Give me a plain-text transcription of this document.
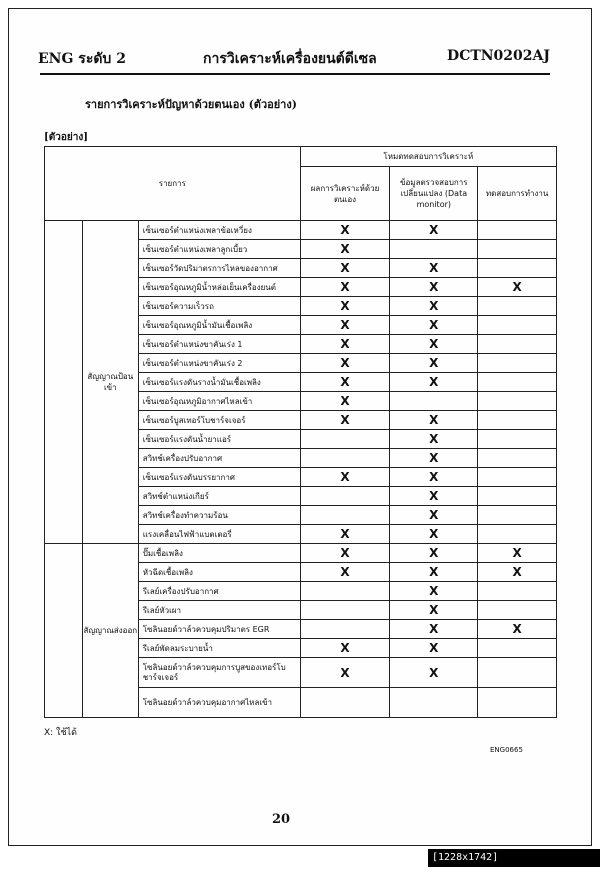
ENG ระดับ 2	การวิเคราะห์เครื่องยนต์ดีเซล	DCTN0202AJ
รายการวิเคราะห์ปัญหาด้วยตนเอง (ตัวอย่าง)
[ตัวอย่าง]
รายการ			โหมดทดสอบการวิเคราะห์		
			ผลการวิเคราะห์ด้วยตนเอง	ข้อมูลตรวจสอบการเปลี่ยนแปลง (Data monitor)	ทดสอบการทำงาน
	สัญญาณป้อนเข้า	เซ็นเซอร์ตำแหน่งเพลาข้อเหวี่ยง	X	X	
		เซ็นเซอร์ตำแหน่งเพลาลูกเบี้ยว	X		
		เซ็นเซอร์วัดปริมาตรการไหลของอากาศ	X	X	
		เซ็นเซอร์อุณหภูมิน้ำหล่อเย็นเครื่องยนต์	X	X	X
		เซ็นเซอร์ความเร็วรถ	X	X	
		เซ็นเซอร์อุณหภูมิน้ำมันเชื้อเพลิง	X	X	
		เซ็นเซอร์ตำแหน่งขาคันเร่ง 1	X	X	
		เซ็นเซอร์ตำแหน่งขาคันเร่ง 2	X	X	
		เซ็นเซอร์แรงดันรางน้ำมันเชื้อเพลิง	X	X	
		เซ็นเซอร์อุณหภูมิอากาศไหลเข้า	X		
		เซ็นเซอร์บูสเทอร์โบชาร์จเจอร์	X	X	
		เซ็นเซอร์แรงดันน้ำยาแอร์		X	
		สวิทช์เครื่องปรับอากาศ		X	
		เซ็นเซอร์แรงดันบรรยากาศ	X	X	
		สวิทช์ตำแหน่งเกียร์		X	
		สวิทช์เครื่องทำความร้อน		X	
		แรงเคลื่อนไฟฟ้าแบตเตอรี่	X	X	
	สัญญาณส่งออก	ปั๊มเชื้อเพลิง	X	X	X
		หัวฉีดเชื้อเพลิง	X	X	X
		รีเลย์เครื่องปรับอากาศ		X	
		รีเลย์หัวเผา		X	
		โซลินอยด์วาล์วควบคุมปริมาตร EGR		X	X
		รีเลย์พัดลมระบายน้ำ	X	X	
		โซลินอยด์วาล์วควบคุมการบูสของเทอร์โบชาร์จเจอร์	X	X	
		โซลินอยด์วาล์วควบคุมอากาศไหลเข้า			
X: ใช้ได้
ENG0665
20
[1228x1742] https://upic.me/
